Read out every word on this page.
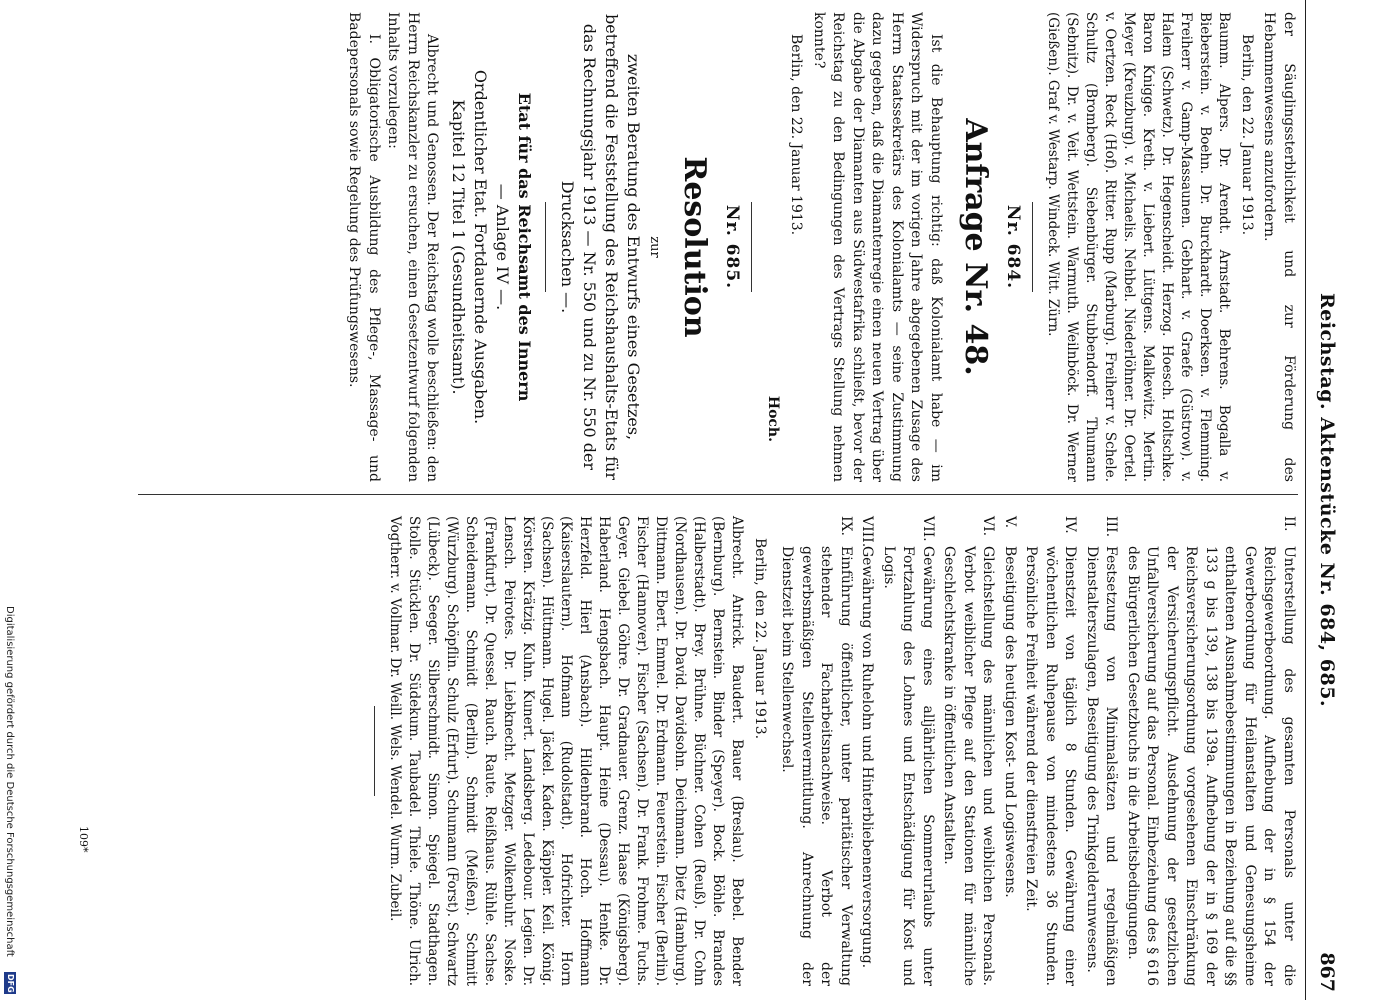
Reichstag. Aktenstücke Nr. 684, 685.
867

der Säuglingssterblichkeit und zur Förderung des Hebammenwesens anzufordern.

Berlin, den 22. Januar 1913.

Baumm. Alpers. Dr. Arendt. Arnstadt. Behrens. Bogalla v. Bieberstein. v. Boehn. Dr. Burckhardt. Doerksen. v. Flemming. Freiherr v. Gamp-Massaunen. Gebhart. v. Graefe (Güstrow). v. Halem (Schwetz). Dr. Hegenscheidt. Herzog. Hoesch. Holtschke. Baron Knigge. Kreth. v. Liebert. Lüttgens. Malkewitz. Mertin. Meyer (Kreuzburg). v. Michaelis. Nehbel. Niederlöhner. Dr. Oertel. v. Oertzen. Reck (Hof). Ritter. Rupp (Marburg). Freiherr v. Schele. Schultz (Bromberg). Siebenbürger. Stubbendorff. Thumann (Sebnitz). Dr. v. Veit. Wettstein. Warmuth. Weilnböck. Dr. Werner (Gießen). Graf v. Westarp. Windeck. Witt. Zürn.

Nr. 684.
Anfrage Nr. 48.

Ist die Behauptung richtig: daß Kolonialamt habe — im Widerspruch mit der im vorigen Jahre abgegebenen Zusage des Herrn Staatssekretärs des Kolonialamts — seine Zustimmung dazu gegeben, daß die Diamantenregie einen neuen Vertrag über die Abgabe der Diamanten aus Südwestafrika schließt, bevor der Reichstag zu den Bedingungen des Vertrags Stellung nehmen konnte?

Berlin, den 22. Januar 1913.

Hoch.

Nr. 685.
Resolution
zur

zweiten Beratung des Entwurfs eines Gesetzes, betreffend die Feststellung des Reichshaushalts-Etats für das Rechnungsjahr 1913 — Nr. 550 und zu Nr. 550 der Drucksachen —.

Etat für das Reichsamt des Innern

— Anlage IV —.

Ordentlicher Etat. Fortdauernde Ausgaben.

Kapitel 12 Titel 1 (Gesundheitsamt).

Albrecht und Genossen. Der Reichstag wolle beschließen: den Herrn Reichskanzler zu ersuchen, einen Gesetzentwurf folgenden Inhalts vorzulegen:

I. Obligatorische Ausbildung des Pflege-, Massage- und Badepersonals sowie Regelung des Prüfungswesens.

II.Unterstellung des gesamten Personals unter die Reichsgewerbeordnung. Aufhebung der in § 154 der Gewerbeordnung für Heilanstalten und Genesungsheime enthaltenen Ausnahmebestimmungen in Beziehung auf die §§ 133 g bis 139, 138 bis 139a. Aufhebung der in § 169 der Reichsversicherungsordnung vorgesehenen Einschränkung der Versicherungspflicht. Ausdehnung der gesetzlichen Unfallversicherung auf das Personal. Einbeziehung des § 616 des Bürgerlichen Gesetzbuchs in die Arbeitsbedingungen.

III.Festsetzung von Minimalsätzen und regelmäßigen Dienstalterszulagen, Beseitigung des Trinkgelderunwesens.

IV.Dienstzeit von täglich 8 Stunden. Gewährung einer wöchentlichen Ruhepause von mindestens 36 Stunden. Persönliche Freiheit während der dienstfreien Zeit.

V.Beseitigung des heutigen Kost- und Logiswesens.

VI.Gleichstellung des männlichen und weiblichen Personals. Verbot weiblicher Pflege auf den Stationen für männliche Geschlechtskranke in öffentlichen Anstalten.

VII.Gewährung eines alljährlichen Sommerurlaubs unter Fortzahlung des Lohnes und Entschädigung für Kost und Logis.

VIII.Gewährung von Ruhelohn und Hinterbliebenenversorgung.

IX.Einführung öffentlicher, unter paritätischer Verwaltung stehender Facharbeitsnachweise. Verbot der gewerbsmäßigen Stellenvermittlung. Anrechnung der Dienstzeit beim Stellenwechsel.

Berlin, den 22. Januar 1913.

Albrecht. Antrick. Baudert. Bauer (Breslau). Bebel. Bender (Bernburg). Bernstein. Binder (Speyer). Bock. Böhle. Brandes (Halberstadt). Brey. Brühne. Büchner. Cohen (Reuß). Dr. Cohn (Nordhausen). Dr. David. Davidsohn. Deichmann. Dietz (Hamburg). Dittmann. Ebert. Emmel. Dr. Erdmann. Feuerstein. Fischer (Berlin). Fischer (Hannover). Fischer (Sachsen). Dr. Frank. Frohme. Fuchs. Geyer. Giebel. Göhre. Dr. Gradnauer. Grenz. Haase (Königsberg). Haberland. Hengsbach. Haupt. Heine (Dessau). Henke. Dr. Herzfeld. Hierl (Ansbach). Hildenbrand. Hoch. Hoffmann (Kaiserslautern). Hofmann (Rudolstadt). Hofrichter. Horn (Sachsen). Hüttmann. Hugel. Jäckel. Kaden. Käppler. Keil. König. Körsten. Krätzig. Kuhn. Kunert. Landsberg. Ledebour. Legien. Dr. Lensch. Peirotes. Dr. Liebknecht. Metzger. Wolkenbuhr. Noske. (Frankfurt). Dr. Quessel. Rauch. Raute. Reißhaus. Rühle. Sachse. Scheidemann. Schmidt (Berlin). Schmidt (Meißen). Schmitt (Würzburg). Schöpflin. Schulz (Erfurt). Schumann (Forst). Schwartz (Lübeck). Seeger. Silberschmidt. Simon. Spiegel. Stadthagen. Stolle. Stücklen. Dr. Südekum. Taubadel. Thiele. Thöne. Ulrich. Vogtherr. v. Vollmar. Dr. Weill. Wels. Wendel. Wurm. Zubeil.

Digitalisierung gefördert durch die Deutsche Forschungsgemeinschaft
DFG
109*
